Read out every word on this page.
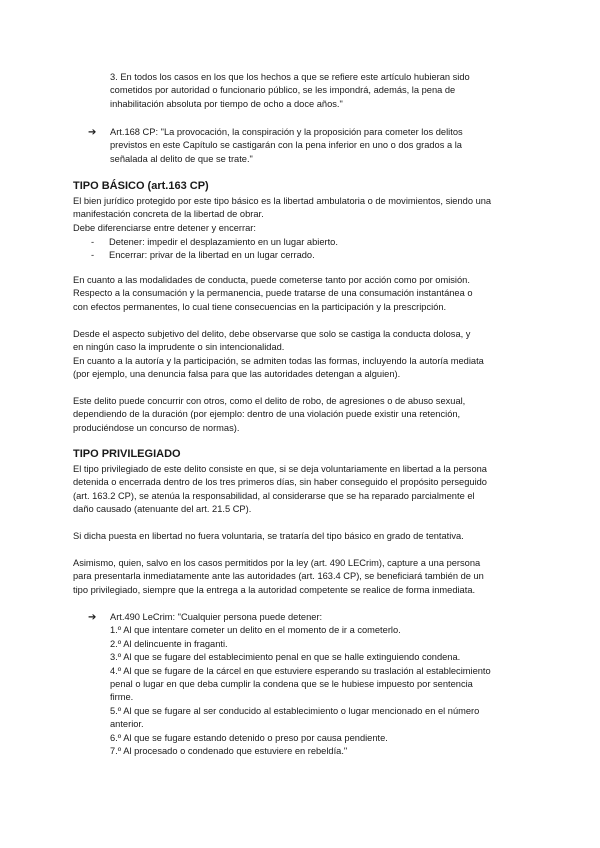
3. En todos los casos en los que los hechos a que se refiere este artículo hubieran sido
cometidos por autoridad o funcionario público, se les impondrá, además, la pena de
inhabilitación absoluta por tiempo de ocho a doce años."
➔ Art.168 CP: "La provocación, la conspiración y la proposición para cometer los delitos
previstos en este Capítulo se castigarán con la pena inferior en uno o dos grados a la
señalada al delito de que se trate."
TIPO BÁSICO (art.163 CP)
El bien jurídico protegido por este tipo básico es la libertad ambulatoria o de movimientos, siendo una
manifestación concreta de la libertad de obrar.
Debe diferenciarse entre detener y encerrar:
- Detener: impedir el desplazamiento en un lugar abierto.
- Encerrar: privar de la libertad en un lugar cerrado.
En cuanto a las modalidades de conducta, puede cometerse tanto por acción como por omisión.
Respecto a la consumación y la permanencia, puede tratarse de una consumación instantánea o
con efectos permanentes, lo cual tiene consecuencias en la participación y la prescripción.
Desde el aspecto subjetivo del delito, debe observarse que solo se castiga la conducta dolosa, y
en ningún caso la imprudente o sin intencionalidad.
En cuanto a la autoría y la participación, se admiten todas las formas, incluyendo la autoría mediata
(por ejemplo, una denuncia falsa para que las autoridades detengan a alguien).
Este delito puede concurrir con otros, como el delito de robo, de agresiones o de abuso sexual,
dependiendo de la duración (por ejemplo: dentro de una violación puede existir una retención,
produciéndose un concurso de normas).
TIPO PRIVILEGIADO
El tipo privilegiado de este delito consiste en que, si se deja voluntariamente en libertad a la persona
detenida o encerrada dentro de los tres primeros días, sin haber conseguido el propósito perseguido
(art. 163.2 CP), se atenúa la responsabilidad, al considerarse que se ha reparado parcialmente el
daño causado (atenuante del art. 21.5 CP).
Si dicha puesta en libertad no fuera voluntaria, se trataría del tipo básico en grado de tentativa.
Asimismo, quien, salvo en los casos permitidos por la ley (art. 490 LECrim), capture a una persona
para presentarla inmediatamente ante las autoridades (art. 163.4 CP), se beneficiará también de un
tipo privilegiado, siempre que la entrega a la autoridad competente se realice de forma inmediata.
➔ Art.490 LeCrim: "Cualquier persona puede detener:
1.º Al que intentare cometer un delito en el momento de ir a cometerlo.
2.º Al delincuente in fraganti.
3.º Al que se fugare del establecimiento penal en que se halle extinguiendo condena.
4.º Al que se fugare de la cárcel en que estuviere esperando su traslación al establecimiento
penal o lugar en que deba cumplir la condena que se le hubiese impuesto por sentencia
firme.
5.º Al que se fugare al ser conducido al establecimiento o lugar mencionado en el número
anterior.
6.º Al que se fugare estando detenido o preso por causa pendiente.
7.º Al procesado o condenado que estuviere en rebeldía."
